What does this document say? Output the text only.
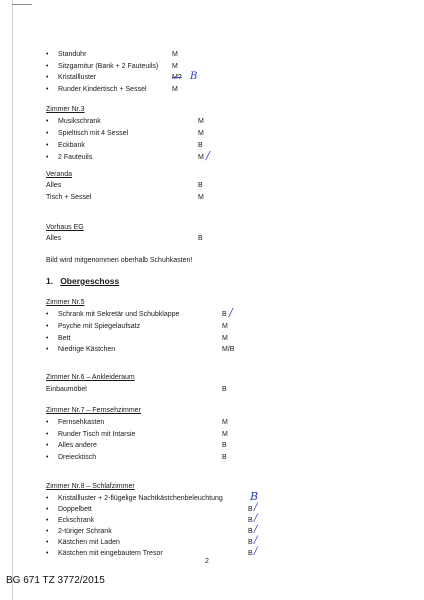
• Standuhr	M
• Sitzgarnitur (Bank + 2 Fauteuils) M
• Kristallluster	M? B
• Runder Kindertisch + Sessel	M
Zimmer Nr.3
• Musikschrank	M
• Spieltisch mit 4 Sessel	M
• Eckbank	B
• 2 Fauteuils	M /
Veranda
Alles	B
Tisch + Sessel	M
Vorhaus EG
Alles	B
Bild wird mitgenommen oberhalb Schuhkasten!
1. Obergeschoss
Zimmer Nr.5
• Schrank mit Sekretär und Schubklappe	B /
• Psyche mit Spiegelaufsatz	M
• Bett	M
• Niedrige Kästchen	M/B
Zimmer Nr.6 – Ankleideraum
Einbaumöbel	B
Zimmer Nr.7 – Fernsehzimmer
• Fernsehkasten	M
• Runder Tisch mit Intarsie	M
• Alles andere	B
• Dreiecktisch	B
Zimmer Nr.8 – Schlafzimmer
• Kristallluster + 2-flügelige Nachtkästchenbeleuchtung B
• Doppelbett	B /
• Eckschrank	B /
• 2-türiger Schrank	B /
• Kästchen mit Laden	B /
• Kästchen mit eingebautem Tresor	B /
2
BG 671 TZ 3772/2015
